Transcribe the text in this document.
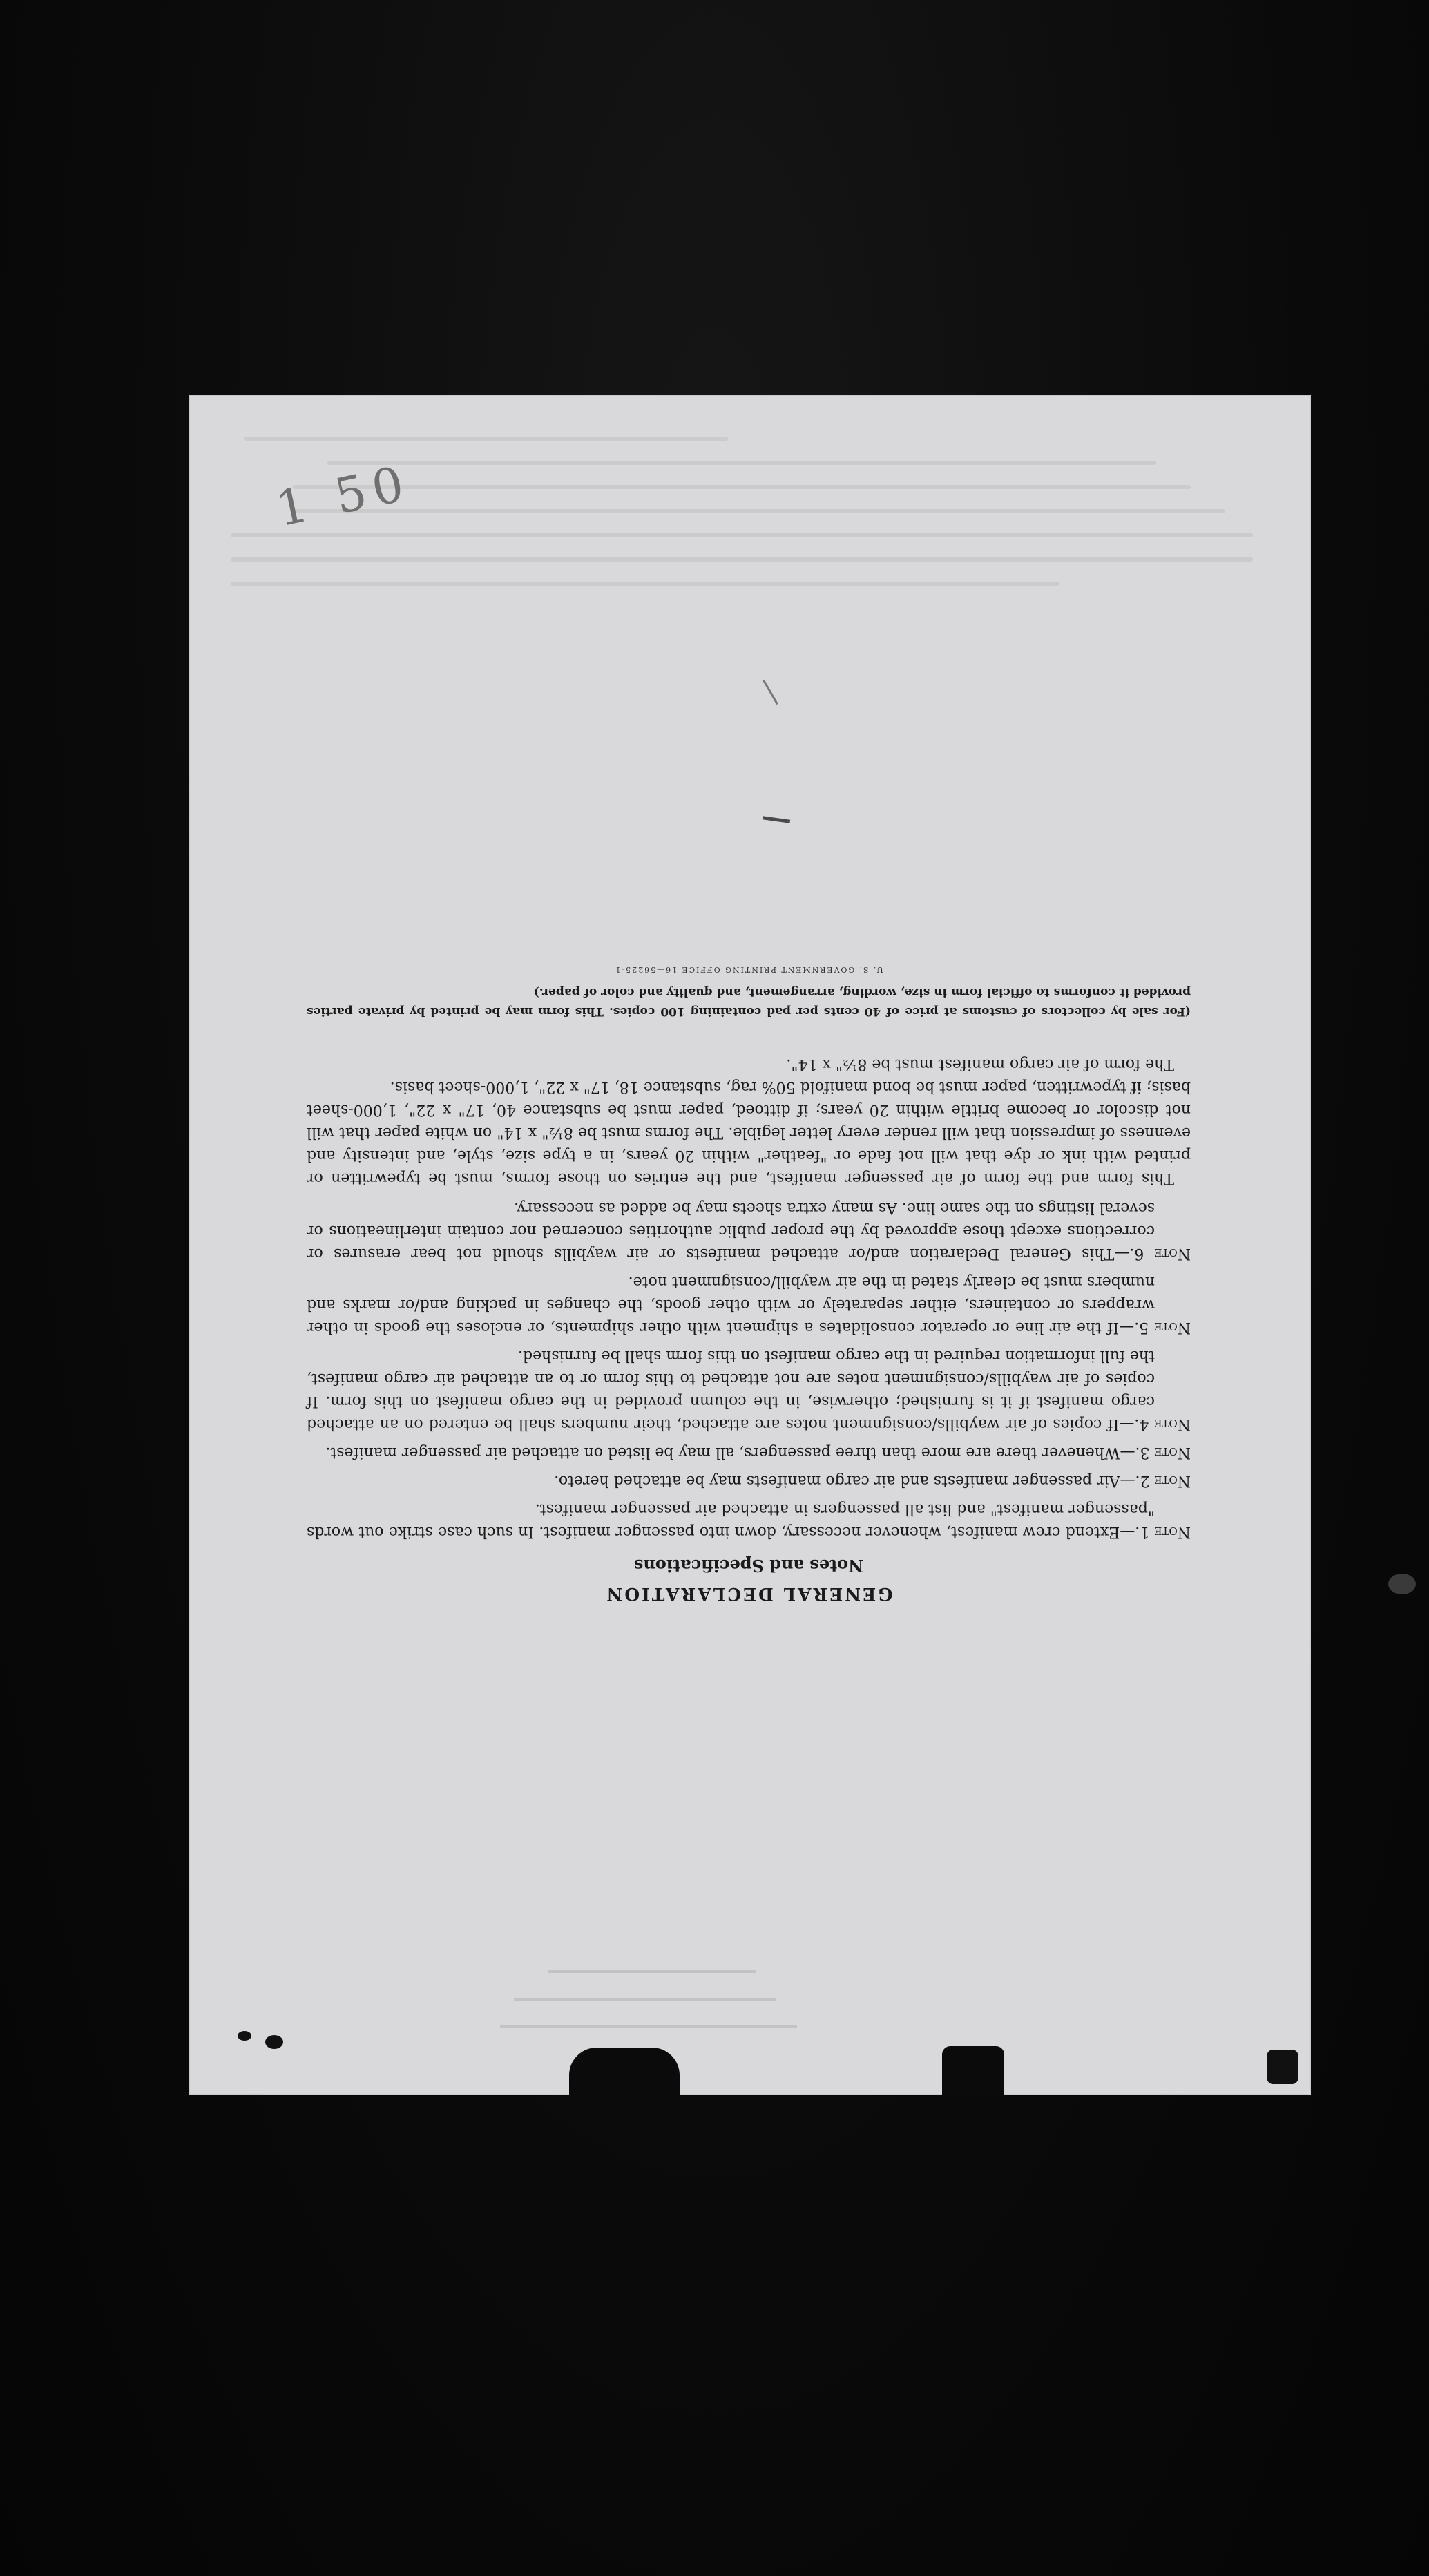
1 50
GENERAL DECLARATION
Notes and Specifications
Note 1.—Extend crew manifest, whenever necessary, down into passenger manifest. In such case strike out words "passenger manifest" and list all passengers in attached air passenger manifest.
Note 2.—Air passenger manifests and air cargo manifests may be attached hereto.
Note 3.—Whenever there are more than three passengers, all may be listed on attached air passenger manifest.
Note 4.—If copies of air waybills/consignment notes are attached, their numbers shall be entered on an attached cargo manifest if it is furnished; otherwise, in the column provided in the cargo manifest on this form. If copies of air waybills/consignment notes are not attached to this form or to an attached air cargo manifest, the full information required in the cargo manifest on this form shall be furnished.
Note 5.—If the air line or operator consolidates a shipment with other shipments, or encloses the goods in other wrappers or containers, either separately or with other goods, the changes in packing and/or marks and numbers must be clearly stated in the air waybill/consignment note.
Note 6.—This General Declaration and/or attached manifests or air waybills should not bear erasures or corrections except those approved by the proper public authorities concerned nor contain interlineations or several listings on the same line. As many extra sheets may be added as necessary.

This form and the form of air passenger manifest, and the entries on those forms, must be typewritten or printed with ink or dye that will not fade or "feather" within 20 years, in a type size, style, and intensity and evenness of impression that will render every letter legible. The forms must be 8½" x 14" on white paper that will not discolor or become brittle within 20 years; if dittoed, paper must be substance 40, 17" x 22", 1,000-sheet basis; if typewritten, paper must be bond manifold 50% rag, substance 18, 17" x 22", 1,000-sheet basis.

The form of air cargo manifest must be 8½" x 14".

(For sale by collectors of customs at price of 40 cents per pad containing 100 copies. This form may be printed by private parties provided it conforms to official form in size, wording, arrangement, and quality and color of paper.)

U. S. GOVERNMENT PRINTING OFFICE 16—56225-1
